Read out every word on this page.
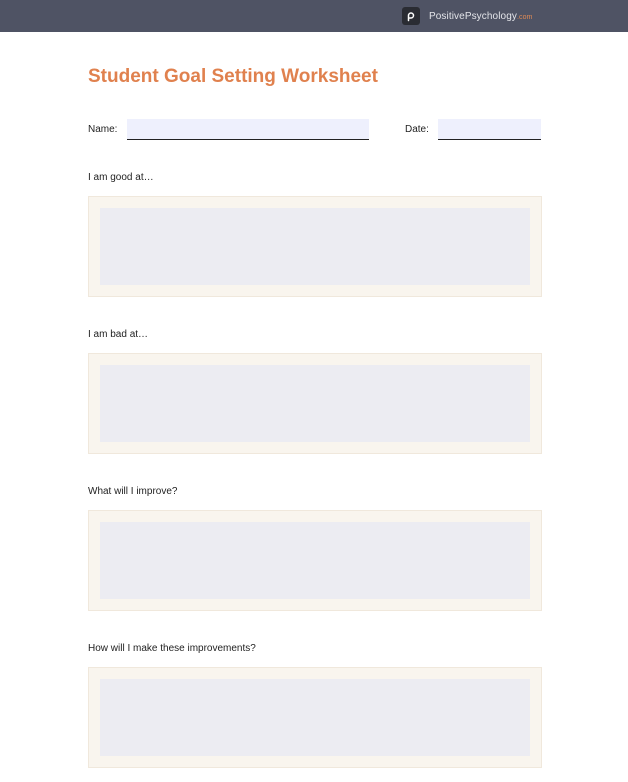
PositivePsychology.com
Student Goal Setting Worksheet
Name:	Date:
I am good at…
I am bad at…
What will I improve?
How will I make these improvements?
